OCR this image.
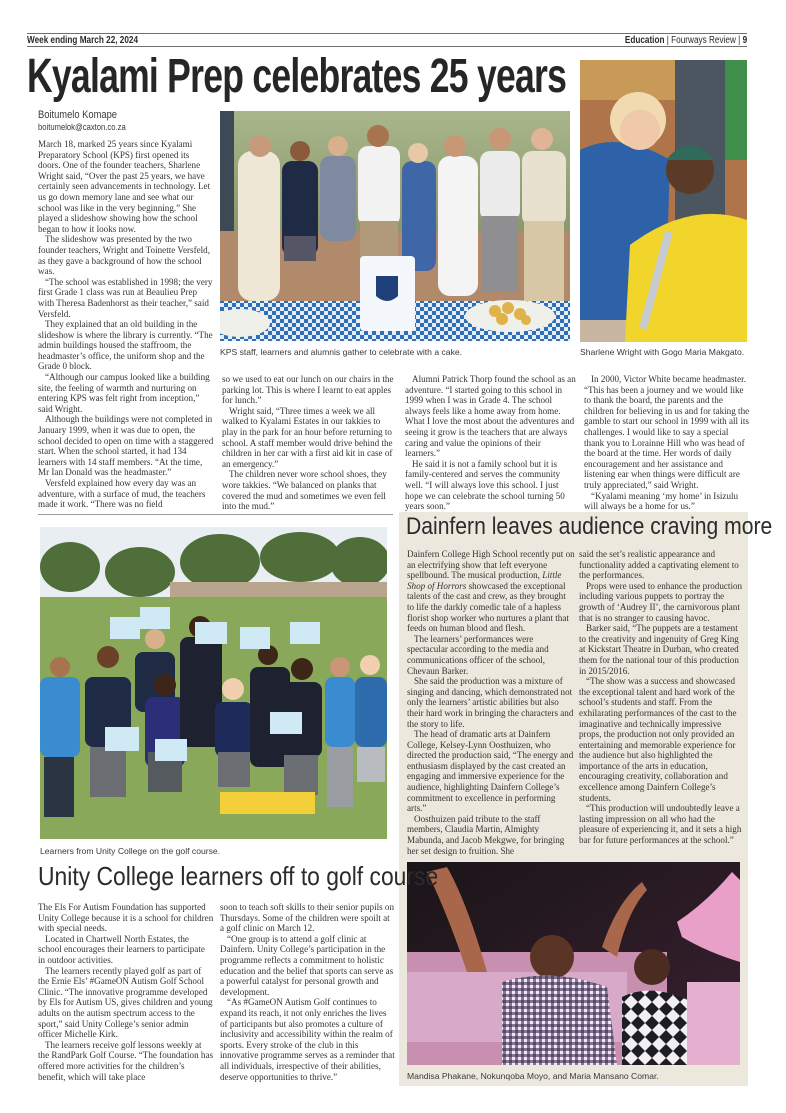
Week ending March 22, 2024	Education | Fourways Review | 9
Kyalami Prep celebrates 25 years
Boitumelo Komape
boitumelok@caxton.co.za

March 18, marked 25 years since Kyalami Preparatory School (KPS) first opened its doors. One of the founder teachers, Sharlene Wright said, “Over the past 25 years, we have certainly seen advancements in technology. Let us go down memory lane and see what our school was like in the very beginning.” She played a slideshow showing how the school began to how it looks now.

The slideshow was presented by the two founder teachers, Wright and Toinette Versfeld, as they gave a background of how the school was.

“The school was established in 1998; the very first Grade 1 class was run at Beaulieu Prep with Theresa Badenhorst as their teacher,” said Versfeld.

They explained that an old building in the slideshow is where the library is currently. “The admin buildings housed the staffroom, the headmaster’s office, the uniform shop and the Grade 0 block.

“Although our campus looked like a building site, the feeling of warmth and nurturing on entering KPS was felt right from inception,” said Wright.

Although the buildings were not completed in January 1999, when it was due to open, the school decided to open on time with a staggered start. When the school started, it had 134 learners with 14 staff members. “At the time, Mr Ian Donald was the headmaster.”

Versfeld explained how every day was an adventure, with a surface of mud, the teachers made it work. “There was no field

KPS staff, learners and alumnis gather to celebrate with a cake.	Sharlene Wright with Gogo Maria Makgato.

so we used to eat our lunch on our chairs in the parking lot. This is where I learnt to eat apples for lunch.”

Wright said, “Three times a week we all walked to Kyalami Estates in our takkies to play in the park for an hour before returning to school. A staff member would drive behind the children in her car with a first aid kit in case of an emergency.”

The children never wore school shoes, they wore takkies. “We balanced on planks that covered the mud and sometimes we even fell into the mud.”

Alumni Patrick Thorp found the school as an adventure. “I started going to this school in 1999 when I was in Grade 4. The school always feels like a home away from home. What I love the most about the adventures and seeing it grow is the teachers that are always caring and value the opinions of their learners.”

He said it is not a family school but it is family-centered and serves the community well. “I will always love this school. I just hope we can celebrate the school turning 50 years soon.”

In 2000, Victor White became headmaster. “This has been a journey and we would like to thank the board, the parents and the children for believing in us and for taking the gamble to start our school in 1999 with all its challenges. I would like to say a special thank you to Lorainne Hill who was head of the board at the time. Her words of daily encouragement and her assistance and listening ear when things were difficult are truly appreciated,” said Wright.

“Kyalami meaning ‘my home’ in Isizulu will always be a home for us.”

Learners from Unity College on the golf course.
Dainfern leaves audience craving more

Dainfern College High School recently put on an electrifying show that left everyone spellbound. The musical production, Little Shop of Horrors showcased the exceptional talents of the cast and crew, as they brought to life the darkly comedic tale of a hapless florist shop worker who nurtures a plant that feeds on human blood and flesh.

The learners’ performances were spectacular according to the media and communications officer of the school, Chevaun Barker.

She said the production was a mixture of singing and dancing, which demonstrated not only the learners’ artistic abilities but also their hard work in bringing the characters and the story to life.

The head of dramatic arts at Dainfern College, Kelsey-Lynn Oosthuizen, who directed the production said, “The energy and enthusiasm displayed by the cast created an engaging and immersive experience for the audience, highlighting Dainfern College’s commitment to excellence in performing arts.”

Oosthuizen paid tribute to the staff members, Claudia Martin, Almighty Mabunda, and Jacob Mekgwe, for bringing her set design to fruition. She

said the set’s realistic appearance and functionality added a captivating element to the performances.

Props were used to enhance the production including various puppets to portray the growth of ‘Audrey II’, the carnivorous plant that is no stranger to causing havoc.

Barker said, “The puppets are a testament to the creativity and ingenuity of Greg King at Kickstart Theatre in Durban, who created them for the national tour of this production in 2015/2016.

“The show was a success and showcased the exceptional talent and hard work of the school’s students and staff. From the exhilarating performances of the cast to the imaginative and technically impressive props, the production not only provided an entertaining and memorable experience for the audience but also highlighted the importance of the arts in education, encouraging creativity, collaboration and excellence among Dainfern College’s students.

“This production will undoubtedly leave a lasting impression on all who had the pleasure of experiencing it, and it sets a high bar for future performances at the school.”

Mandisa Phakane, Nokunqoba Moyo, and Maria Mansano Comar.
Unity College learners off to golf course

The Els For Autism Foundation has supported Unity College because it is a school for children with special needs.

Located in Chartwell North Estates, the school encourages their learners to participate in outdoor activities.

The learners recently played golf as part of the Ernie Els’ #GameON Autism Golf School Clinic. “The innovative programme developed by Els for Autism US, gives children and young adults on the autism spectrum access to the sport,” said Unity College’s senior admin officer Michelle Kirk.

The learners receive golf lessons weekly at the RandPark Golf Course. “The foundation has offered more activities for the children’s benefit, which will take place

soon to teach soft skills to their senior pupils on Thursdays. Some of the children were spoilt at a golf clinic on March 12.

“One group is to attend a golf clinic at Dainfern. Unity College’s participation in the programme reflects a commitment to holistic education and the belief that sports can serve as a powerful catalyst for personal growth and development.

“As #GameON Autism Golf continues to expand its reach, it not only enriches the lives of participants but also promotes a culture of inclusivity and accessibility within the realm of sports. Every stroke of the club in this innovative programme serves as a reminder that all individuals, irrespective of their abilities, deserve opportunities to thrive.”
